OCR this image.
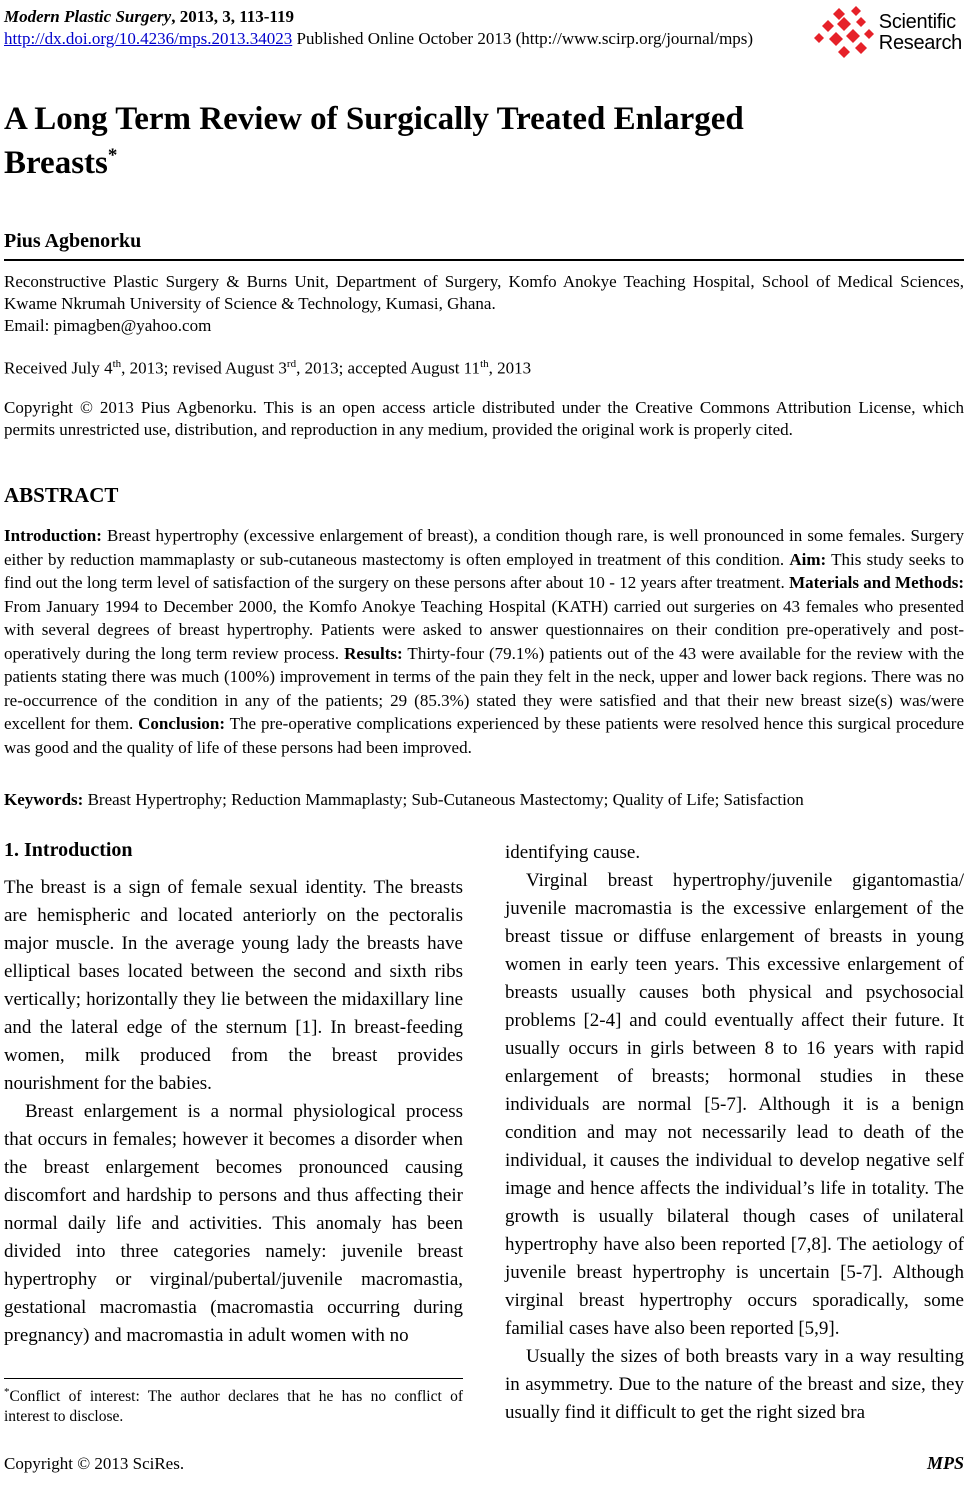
Modern Plastic Surgery, 2013, 3, 113-119
http://dx.doi.org/10.4236/mps.2013.34023 Published Online October 2013 (http://www.scirp.org/journal/mps)
Scientific
Research
A Long Term Review of Surgically Treated Enlarged Breasts*
Pius Agbenorku

Reconstructive Plastic Surgery & Burns Unit, Department of Surgery, Komfo Anokye Teaching Hospital, School of Medical Sciences, Kwame Nkrumah University of Science & Technology, Kumasi, Ghana.

Email: pimagben@yahoo.com

Received July 4th, 2013; revised August 3rd, 2013; accepted August 11th, 2013

Copyright © 2013 Pius Agbenorku. This is an open access article distributed under the Creative Commons Attribution License, which permits unrestricted use, distribution, and reproduction in any medium, provided the original work is properly cited.

ABSTRACT

Introduction: Breast hypertrophy (excessive enlargement of breast), a condition though rare, is well pronounced in some females. Surgery either by reduction mammaplasty or sub-cutaneous mastectomy is often employed in treatment of this condition. Aim: This study seeks to find out the long term level of satisfaction of the surgery on these persons after about 10 - 12 years after treatment. Materials and Methods: From January 1994 to December 2000, the Komfo Anokye Teaching Hospital (KATH) carried out surgeries on 43 females who presented with several degrees of breast hypertrophy. Patients were asked to answer questionnaires on their condition pre-operatively and post-operatively during the long term review process. Results: Thirty-four (79.1%) patients out of the 43 were available for the review with the patients stating there was much (100%) improvement in terms of the pain they felt in the neck, upper and lower back regions. There was no re-occurrence of the condition in any of the patients; 29 (85.3%) stated they were satisfied and that their new breast size(s) was/were excellent for them. Conclusion: The pre-operative complications experienced by these patients were resolved hence this surgical procedure was good and the quality of life of these persons had been improved.

Keywords: Breast Hypertrophy; Reduction Mammaplasty; Sub-Cutaneous Mastectomy; Quality of Life; Satisfaction

1. Introduction

The breast is a sign of female sexual identity. The breasts are hemispheric and located anteriorly on the pectoralis major muscle. In the average young lady the breasts have elliptical bases located between the second and sixth ribs vertically; horizontally they lie between the midaxillary line and the lateral edge of the sternum [1]. In breast-feeding women, milk produced from the breast provides nourishment for the babies.

Breast enlargement is a normal physiological process that occurs in females; however it becomes a disorder when the breast enlargement becomes pronounced causing discomfort and hardship to persons and thus affecting their normal daily life and activities. This anomaly has been divided into three categories namely: juvenile breast hypertrophy or virginal/pubertal/juvenile macromastia, gestational macromastia (macromastia occurring during pregnancy) and macromastia in adult women with no

*Conflict of interest: The author declares that he has no conflict of interest to disclose.

identifying cause.

Virginal breast hypertrophy/juvenile gigantomastia/ juvenile macromastia is the excessive enlargement of the breast tissue or diffuse enlargement of breasts in young women in early teen years. This excessive enlargement of breasts usually causes both physical and psychosocial problems [2-4] and could eventually affect their future. It usually occurs in girls between 8 to 16 years with rapid enlargement of breasts; hormonal studies in these individuals are normal [5-7]. Although it is a benign condition and may not necessarily lead to death of the individual, it causes the individual to develop negative self image and hence affects the individual’s life in totality. The growth is usually bilateral though cases of unilateral hypertrophy have also been reported [7,8]. The aetiology of juvenile breast hypertrophy is uncertain [5-7]. Although virginal breast hypertrophy occurs sporadically, some familial cases have also been reported [5,9].

Usually the sizes of both breasts vary in a way resulting in asymmetry. Due to the nature of the breast and size, they usually find it difficult to get the right sized bra

Copyright © 2013 SciRes.	MPS
